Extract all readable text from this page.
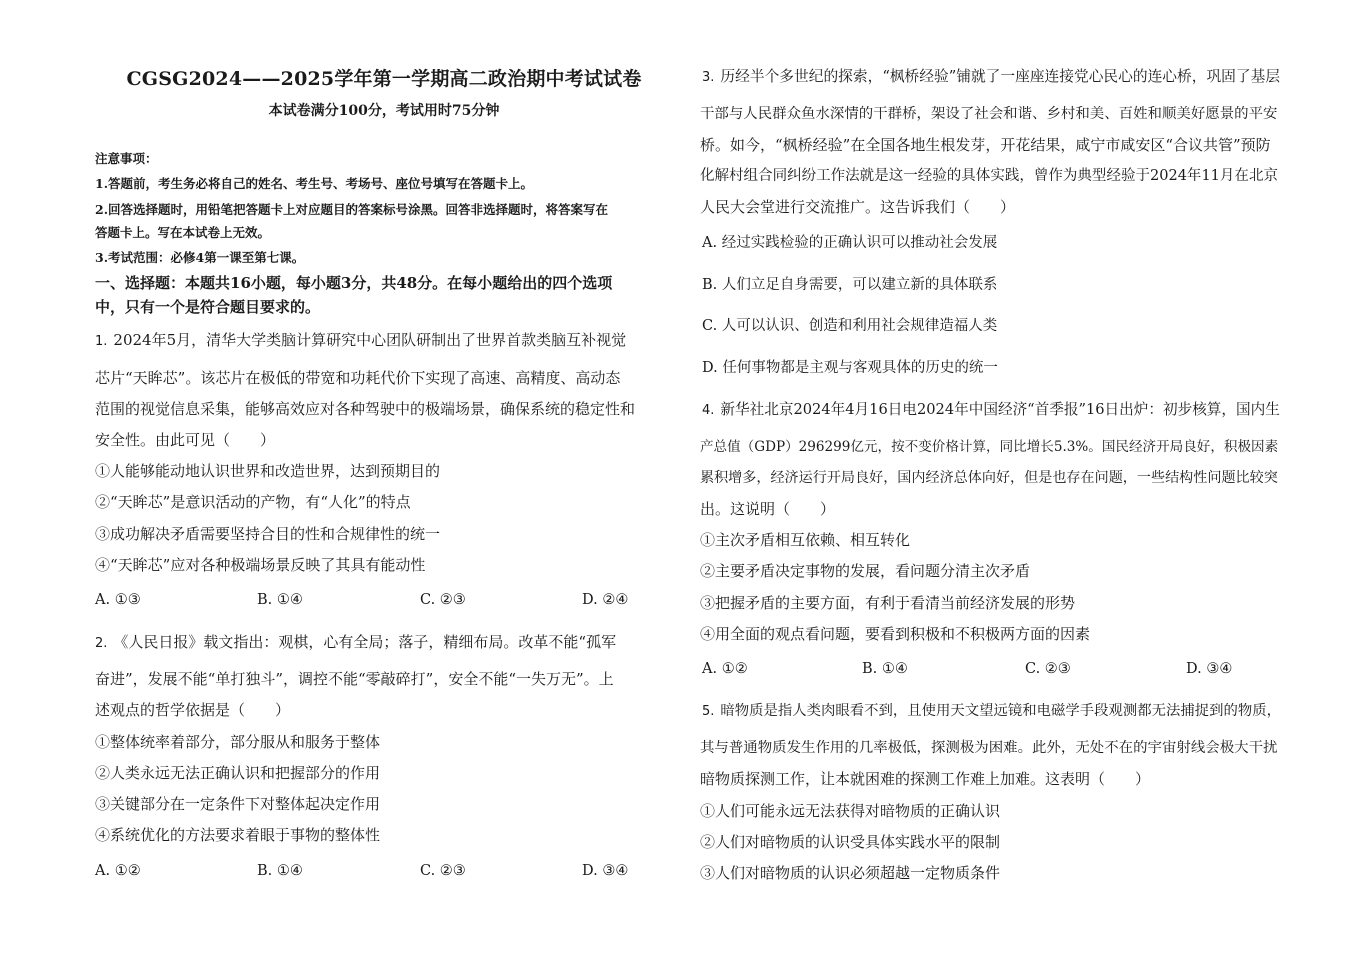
CGSG2024——2025学年第一学期高二政治期中考试试卷
本试卷满分100分，考试用时75分钟
注意事项：
1.答题前，考生务必将自己的姓名、考生号、考场号、座位号填写在答题卡上。
2.回答选择题时，用铅笔把答题卡上对应题目的答案标号涂黑。回答非选择题时，将答案写在
答题卡上。写在本试卷上无效。
3.考试范围：必修4第一课至第七课。
一、选择题：本题共16小题，每小题3分，共48分。在每小题给出的四个选项
中，只有一个是符合题目要求的。
1. 2024年5月，清华大学类脑计算研究中心团队研制出了世界首款类脑互补视觉
芯片“天眸芯”。该芯片在极低的带宽和功耗代价下实现了高速、高精度、高动态
范围的视觉信息采集，能够高效应对各种驾驶中的极端场景，确保系统的稳定性和
安全性。由此可见（　　）
①人能够能动地认识世界和改造世界，达到预期目的
②“天眸芯”是意识活动的产物，有“人化”的特点
③成功解决矛盾需要坚持合目的性和合规律性的统一
④“天眸芯”应对各种极端场景反映了其具有能动性
A. ①③	B. ①④	C. ②③	D. ②④
2. 《人民日报》载文指出：观棋，心有全局；落子，精细布局。改革不能“孤军
奋进”，发展不能“单打独斗”，调控不能“零敲碎打”，安全不能“一失万无”。上
述观点的哲学依据是（　　）
①整体统率着部分，部分服从和服务于整体
②人类永远无法正确认识和把握部分的作用
③关键部分在一定条件下对整体起决定作用
④系统优化的方法要求着眼于事物的整体性
A. ①②	B. ①④	C. ②③	D. ③④
3. 历经半个多世纪的探索，“枫桥经验”铺就了一座座连接党心民心的连心桥，巩固了基层
干部与人民群众鱼水深情的干群桥，架设了社会和谐、乡村和美、百姓和顺美好愿景的平安
桥。如今，“枫桥经验”在全国各地生根发芽，开花结果，咸宁市咸安区“合议共管”预防
化解村组合同纠纷工作法就是这一经验的具体实践，曾作为典型经验于2024年11月在北京
人民大会堂进行交流推广。这告诉我们（　　）
A. 经过实践检验的正确认识可以推动社会发展
B. 人们立足自身需要，可以建立新的具体联系
C. 人可以认识、创造和利用社会规律造福人类
D. 任何事物都是主观与客观具体的历史的统一
4. 新华社北京2024年4月16日电2024年中国经济“首季报”16日出炉：初步核算，国内生
产总值（GDP）296299亿元，按不变价格计算，同比增长5.3%。国民经济开局良好，积极因素
累积增多，经济运行开局良好，国内经济总体向好，但是也存在问题，一些结构性问题比较突
出。这说明（　　）
①主次矛盾相互依赖、相互转化
②主要矛盾决定事物的发展，看问题分清主次矛盾
③把握矛盾的主要方面，有利于看清当前经济发展的形势
④用全面的观点看问题，要看到积极和不积极两方面的因素
A. ①②	B. ①④	C. ②③	D. ③④
5. 暗物质是指人类肉眼看不到，且使用天文望远镜和电磁学手段观测都无法捕捉到的物质，
其与普通物质发生作用的几率极低，探测极为困难。此外，无处不在的宇宙射线会极大干扰
暗物质探测工作，让本就困难的探测工作难上加难。这表明（　　）
①人们可能永远无法获得对暗物质的正确认识
②人们对暗物质的认识受具体实践水平的限制
③人们对暗物质的认识必须超越一定物质条件
